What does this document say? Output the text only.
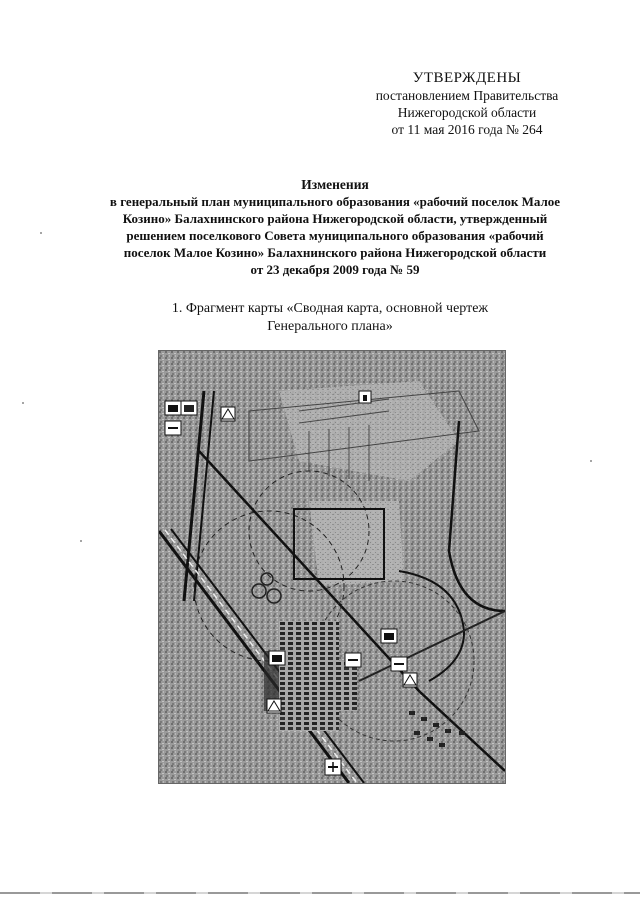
УТВЕРЖДЕНЫ
постановлением Правительства
Нижегородской области
от 11 мая 2016 года № 264
Изменения
в генеральный план муниципального образования «рабочий поселок Малое
Козино» Балахнинского района Нижегородской области, утвержденный
решением поселкового Совета муниципального образования «рабочий
поселок Малое Козино» Балахнинского района Нижегородской области
от 23 декабря 2009 года № 59
1. Фрагмент карты «Сводная карта, основной чертеж
Генерального плана»
